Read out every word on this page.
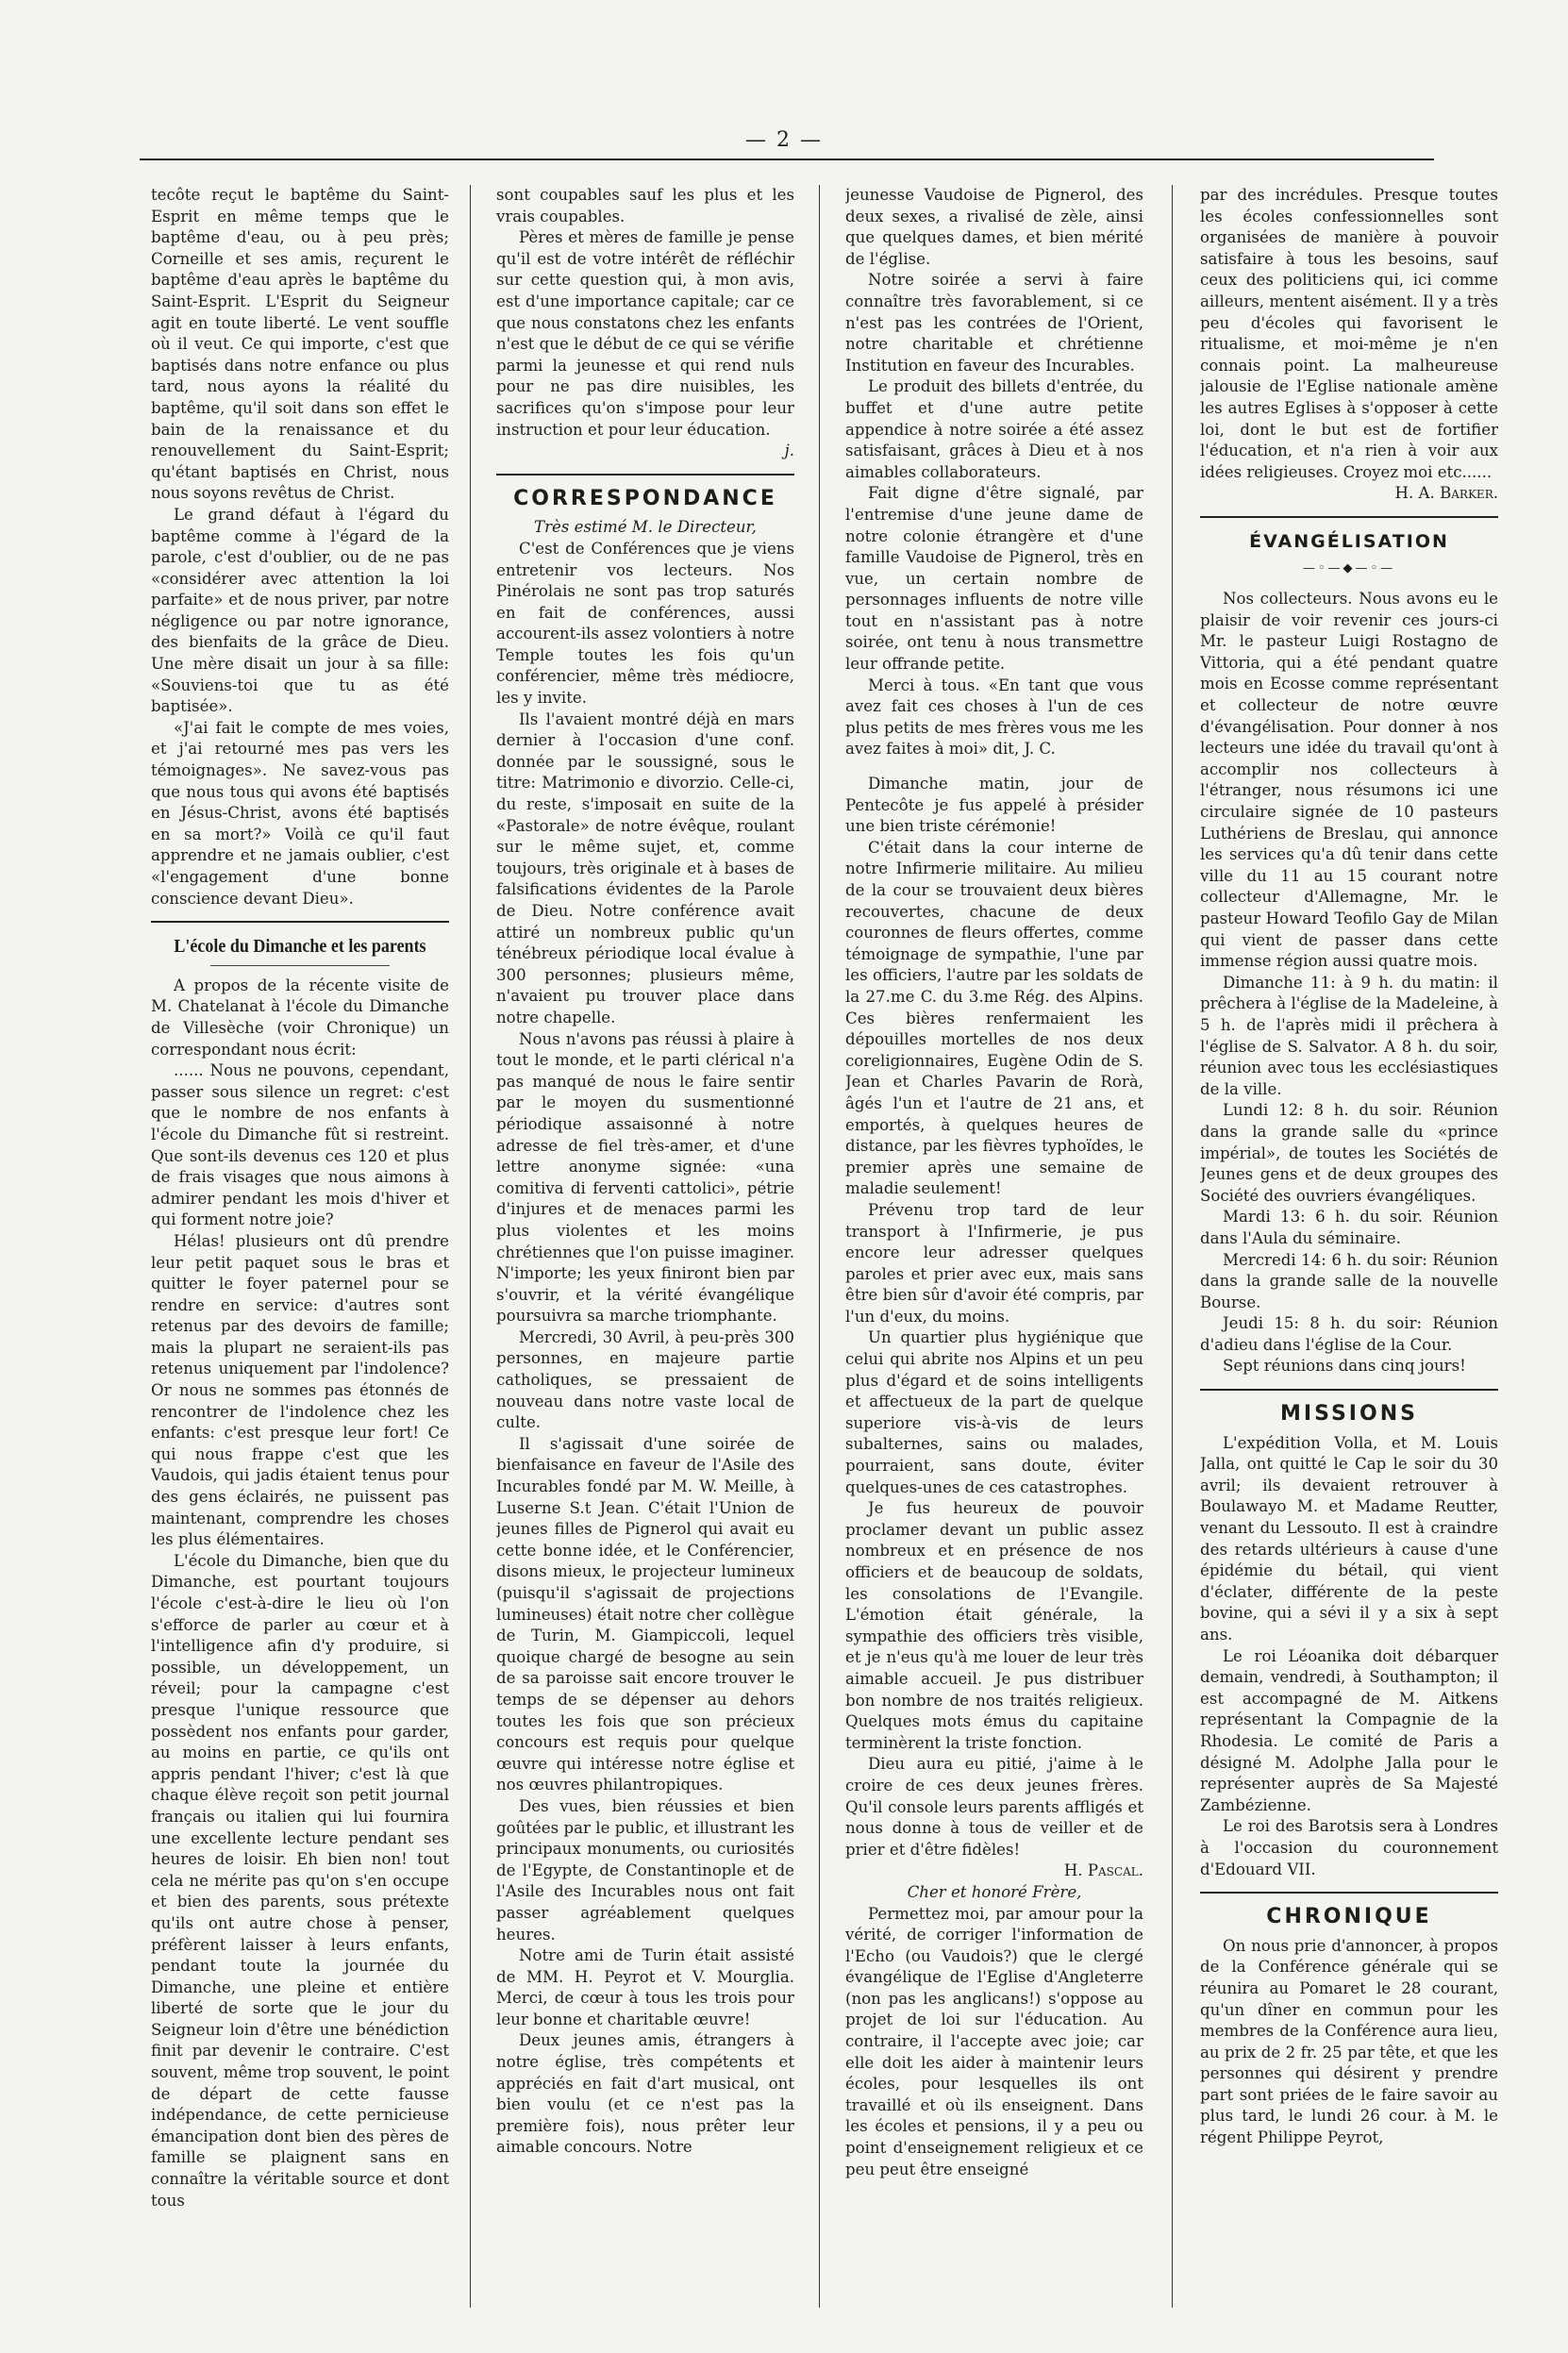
— 2 —

tecôte reçut le baptême du Saint-Esprit en même temps que le baptême d'eau, ou à peu près; Corneille et ses amis, reçurent le baptême d'eau après le baptême du Saint-Esprit. L'Esprit du Seigneur agit en toute liberté. Le vent souffle où il veut. Ce qui importe, c'est que baptisés dans notre enfance ou plus tard, nous ayons la réalité du baptême, qu'il soit dans son effet le bain de la renaissance et du renouvellement du Saint-Esprit; qu'étant baptisés en Christ, nous nous soyons revêtus de Christ.

Le grand défaut à l'égard du baptême comme à l'égard de la parole, c'est d'oublier, ou de ne pas «considérer avec attention la loi parfaite» et de nous priver, par notre négligence ou par notre ignorance, des bienfaits de la grâce de Dieu. Une mère disait un jour à sa fille: «Souviens-toi que tu as été baptisée».

«J'ai fait le compte de mes voies, et j'ai retourné mes pas vers les témoignages». Ne savez-vous pas que nous tous qui avons été baptisés en Jésus-Christ, avons été baptisés en sa mort?» Voilà ce qu'il faut apprendre et ne jamais oublier, c'est «l'engagement d'une bonne conscience devant Dieu».

L'école du Dimanche et les parents

A propos de la récente visite de M. Chatelanat à l'école du Dimanche de Villesèche (voir Chronique) un correspondant nous écrit:

...... Nous ne pouvons, cependant, passer sous silence un regret: c'est que le nombre de nos enfants à l'école du Dimanche fût si restreint. Que sont-ils devenus ces 120 et plus de frais visages que nous aimons à admirer pendant les mois d'hiver et qui forment notre joie?

Hélas! plusieurs ont dû prendre leur petit paquet sous le bras et quitter le foyer paternel pour se rendre en service: d'autres sont retenus par des devoirs de famille; mais la plupart ne seraient-ils pas retenus uniquement par l'indolence? Or nous ne sommes pas étonnés de rencontrer de l'indolence chez les enfants: c'est presque leur fort! Ce qui nous frappe c'est que les Vaudois, qui jadis étaient tenus pour des gens éclairés, ne puissent pas maintenant, comprendre les choses les plus élémentaires.

L'école du Dimanche, bien que du Dimanche, est pourtant toujours l'école c'est-à-dire le lieu où l'on s'efforce de parler au cœur et à l'intelligence afin d'y produire, si possible, un développement, un réveil; pour la campagne c'est presque l'unique ressource que possèdent nos enfants pour garder, au moins en partie, ce qu'ils ont appris pendant l'hiver; c'est là que chaque élève reçoit son petit journal français ou italien qui lui fournira une excellente lecture pendant ses heures de loisir. Eh bien non! tout cela ne mérite pas qu'on s'en occupe et bien des parents, sous prétexte qu'ils ont autre chose à penser, préfèrent laisser à leurs enfants, pendant toute la journée du Dimanche, une pleine et entière liberté de sorte que le jour du Seigneur loin d'être une bénédiction finit par devenir le contraire. C'est souvent, même trop souvent, le point de départ de cette fausse indépendance, de cette pernicieuse émancipation dont bien des pères de famille se plaignent sans en connaître la véritable source et dont tous

sont coupables sauf les plus et les vrais coupables.

Pères et mères de famille je pense qu'il est de votre intérêt de réfléchir sur cette question qui, à mon avis, est d'une importance capitale; car ce que nous constatons chez les enfants n'est que le début de ce qui se vérifie parmi la jeunesse et qui rend nuls pour ne pas dire nuisibles, les sacrifices qu'on s'impose pour leur instruction et pour leur éducation.

j.

CORRESPONDANCE

Très estimé M. le Directeur,

C'est de Conférences que je viens entretenir vos lecteurs. Nos Pinérolais ne sont pas trop saturés en fait de conférences, aussi accourent-ils assez volontiers à notre Temple toutes les fois qu'un conférencier, même très médiocre, les y invite.

Ils l'avaient montré déjà en mars dernier à l'occasion d'une conf. donnée par le soussigné, sous le titre: Matrimonio e divorzio. Celle-ci, du reste, s'imposait en suite de la «Pastorale» de notre évêque, roulant sur le même sujet, et, comme toujours, très originale et à bases de falsifications évidentes de la Parole de Dieu. Notre conférence avait attiré un nombreux public qu'un ténébreux périodique local évalue à 300 personnes; plusieurs même, n'avaient pu trouver place dans notre chapelle.

Nous n'avons pas réussi à plaire à tout le monde, et le parti clérical n'a pas manqué de nous le faire sentir par le moyen du susmentionné périodique assaisonné à notre adresse de fiel très-amer, et d'une lettre anonyme signée: «una comitiva di ferventi cattolici», pétrie d'injures et de menaces parmi les plus violentes et les moins chrétiennes que l'on puisse imaginer. N'importe; les yeux finiront bien par s'ouvrir, et la vérité évangélique poursuivra sa marche triomphante.

Mercredi, 30 Avril, à peu-près 300 personnes, en majeure partie catholiques, se pressaient de nouveau dans notre vaste local de culte.

Il s'agissait d'une soirée de bienfaisance en faveur de l'Asile des Incurables fondé par M. W. Meille, à Luserne S.t Jean. C'était l'Union de jeunes filles de Pignerol qui avait eu cette bonne idée, et le Conférencier, disons mieux, le projecteur lumineux (puisqu'il s'agissait de projections lumineuses) était notre cher collègue de Turin, M. Giampiccoli, lequel quoique chargé de besogne au sein de sa paroisse sait encore trouver le temps de se dépenser au dehors toutes les fois que son précieux concours est requis pour quelque œuvre qui intéresse notre église et nos œuvres philantropiques.

Des vues, bien réussies et bien goûtées par le public, et illustrant les principaux monuments, ou curiosités de l'Egypte, de Constantinople et de l'Asile des Incurables nous ont fait passer agréablement quelques heures.

Notre ami de Turin était assisté de MM. H. Peyrot et V. Mourglia. Merci, de cœur à tous les trois pour leur bonne et charitable œuvre!

Deux jeunes amis, étrangers à notre église, très compétents et appréciés en fait d'art musical, ont bien voulu (et ce n'est pas la première fois), nous prêter leur aimable concours. Notre

jeunesse Vaudoise de Pignerol, des deux sexes, a rivalisé de zèle, ainsi que quelques dames, et bien mérité de l'église.

Notre soirée a servi à faire connaître très favorablement, si ce n'est pas les contrées de l'Orient, notre charitable et chrétienne Institution en faveur des Incurables.

Le produit des billets d'entrée, du buffet et d'une autre petite appendice à notre soirée a été assez satisfaisant, grâces à Dieu et à nos aimables collaborateurs.

Fait digne d'être signalé, par l'entremise d'une jeune dame de notre colonie étrangère et d'une famille Vaudoise de Pignerol, très en vue, un certain nombre de personnages influents de notre ville tout en n'assistant pas à notre soirée, ont tenu à nous transmettre leur offrande petite.

Merci à tous. «En tant que vous avez fait ces choses à l'un de ces plus petits de mes frères vous me les avez faites à moi» dit, J. C.

Dimanche matin, jour de Pentecôte je fus appelé à présider une bien triste cérémonie!

C'était dans la cour interne de notre Infirmerie militaire. Au milieu de la cour se trouvaient deux bières recouvertes, chacune de deux couronnes de fleurs offertes, comme témoignage de sympathie, l'une par les officiers, l'autre par les soldats de la 27.me C. du 3.me Rég. des Alpins. Ces bières renfermaient les dépouilles mortelles de nos deux coreligionnaires, Eugène Odin de S. Jean et Charles Pavarin de Rorà, âgés l'un et l'autre de 21 ans, et emportés, à quelques heures de distance, par les fièvres typhoïdes, le premier après une semaine de maladie seulement!

Prévenu trop tard de leur transport à l'Infirmerie, je pus encore leur adresser quelques paroles et prier avec eux, mais sans être bien sûr d'avoir été compris, par l'un d'eux, du moins.

Un quartier plus hygiénique que celui qui abrite nos Alpins et un peu plus d'égard et de soins intelligents et affectueux de la part de quelque superiore vis-à-vis de leurs subalternes, sains ou malades, pourraient, sans doute, éviter quelques-unes de ces catastrophes.

Je fus heureux de pouvoir proclamer devant un public assez nombreux et en présence de nos officiers et de beaucoup de soldats, les consolations de l'Evangile. L'émotion était générale, la sympathie des officiers très visible, et je n'eus qu'à me louer de leur très aimable accueil. Je pus distribuer bon nombre de nos traités religieux. Quelques mots émus du capitaine terminèrent la triste fonction.

Dieu aura eu pitié, j'aime à le croire de ces deux jeunes frères. Qu'il console leurs parents affligés et nous donne à tous de veiller et de prier et d'être fidèles!

H. Pascal.

Cher et honoré Frère,

Permettez moi, par amour pour la vérité, de corriger l'information de l'Echo (ou Vaudois?) que le clergé évangélique de l'Eglise d'Angleterre (non pas les anglicans!) s'oppose au projet de loi sur l'éducation. Au contraire, il l'accepte avec joie; car elle doit les aider à maintenir leurs écoles, pour lesquelles ils ont travaillé et où ils enseignent. Dans les écoles et pensions, il y a peu ou point d'enseignement religieux et ce peu peut être enseigné

par des incrédules. Presque toutes les écoles confessionnelles sont organisées de manière à pouvoir satisfaire à tous les besoins, sauf ceux des politiciens qui, ici comme ailleurs, mentent aisément. Il y a très peu d'écoles qui favorisent le ritualisme, et moi-même je n'en connais point. La malheureuse jalousie de l'Eglise nationale amène les autres Eglises à s'opposer à cette loi, dont le but est de fortifier l'éducation, et n'a rien à voir aux idées religieuses. Croyez moi etc......

H. A. Barker.

ÉVANGÉLISATION
—◦—◆—◦—

Nos collecteurs. Nous avons eu le plaisir de voir revenir ces jours-ci Mr. le pasteur Luigi Rostagno de Vittoria, qui a été pendant quatre mois en Ecosse comme représentant et collecteur de notre œuvre d'évangélisation. Pour donner à nos lecteurs une idée du travail qu'ont à accomplir nos collecteurs à l'étranger, nous résumons ici une circulaire signée de 10 pasteurs Luthériens de Breslau, qui annonce les services qu'a dû tenir dans cette ville du 11 au 15 courant notre collecteur d'Allemagne, Mr. le pasteur Howard Teofilo Gay de Milan qui vient de passer dans cette immense région aussi quatre mois.

Dimanche 11: à 9 h. du matin: il prêchera à l'église de la Madeleine, à 5 h. de l'après midi il prêchera à l'église de S. Salvator. A 8 h. du soir, réunion avec tous les ecclésiastiques de la ville.

Lundi 12: 8 h. du soir. Réunion dans la grande salle du «prince impérial», de toutes les Sociétés de Jeunes gens et de deux groupes des Société des ouvriers évangéliques.

Mardi 13: 6 h. du soir. Réunion dans l'Aula du séminaire.

Mercredi 14: 6 h. du soir: Réunion dans la grande salle de la nouvelle Bourse.

Jeudi 15: 8 h. du soir: Réunion d'adieu dans l'église de la Cour.

Sept réunions dans cinq jours!

MISSIONS

L'expédition Volla, et M. Louis Jalla, ont quitté le Cap le soir du 30 avril; ils devaient retrouver à Boulawayo M. et Madame Reutter, venant du Lessouto. Il est à craindre des retards ultérieurs à cause d'une épidémie du bétail, qui vient d'éclater, différente de la peste bovine, qui a sévi il y a six à sept ans.

Le roi Léoanika doit débarquer demain, vendredi, à Southampton; il est accompagné de M. Aitkens représentant la Compagnie de la Rhodesia. Le comité de Paris a désigné M. Adolphe Jalla pour le représenter auprès de Sa Majesté Zambézienne.

Le roi des Barotsis sera à Londres à l'occasion du couronnement d'Edouard VII.

CHRONIQUE

On nous prie d'annoncer, à propos de la Conférence générale qui se réunira au Pomaret le 28 courant, qu'un dîner en commun pour les membres de la Conférence aura lieu, au prix de 2 fr. 25 par tête, et que les personnes qui désirent y prendre part sont priées de le faire savoir au plus tard, le lundi 26 cour. à M. le régent Philippe Peyrot,
